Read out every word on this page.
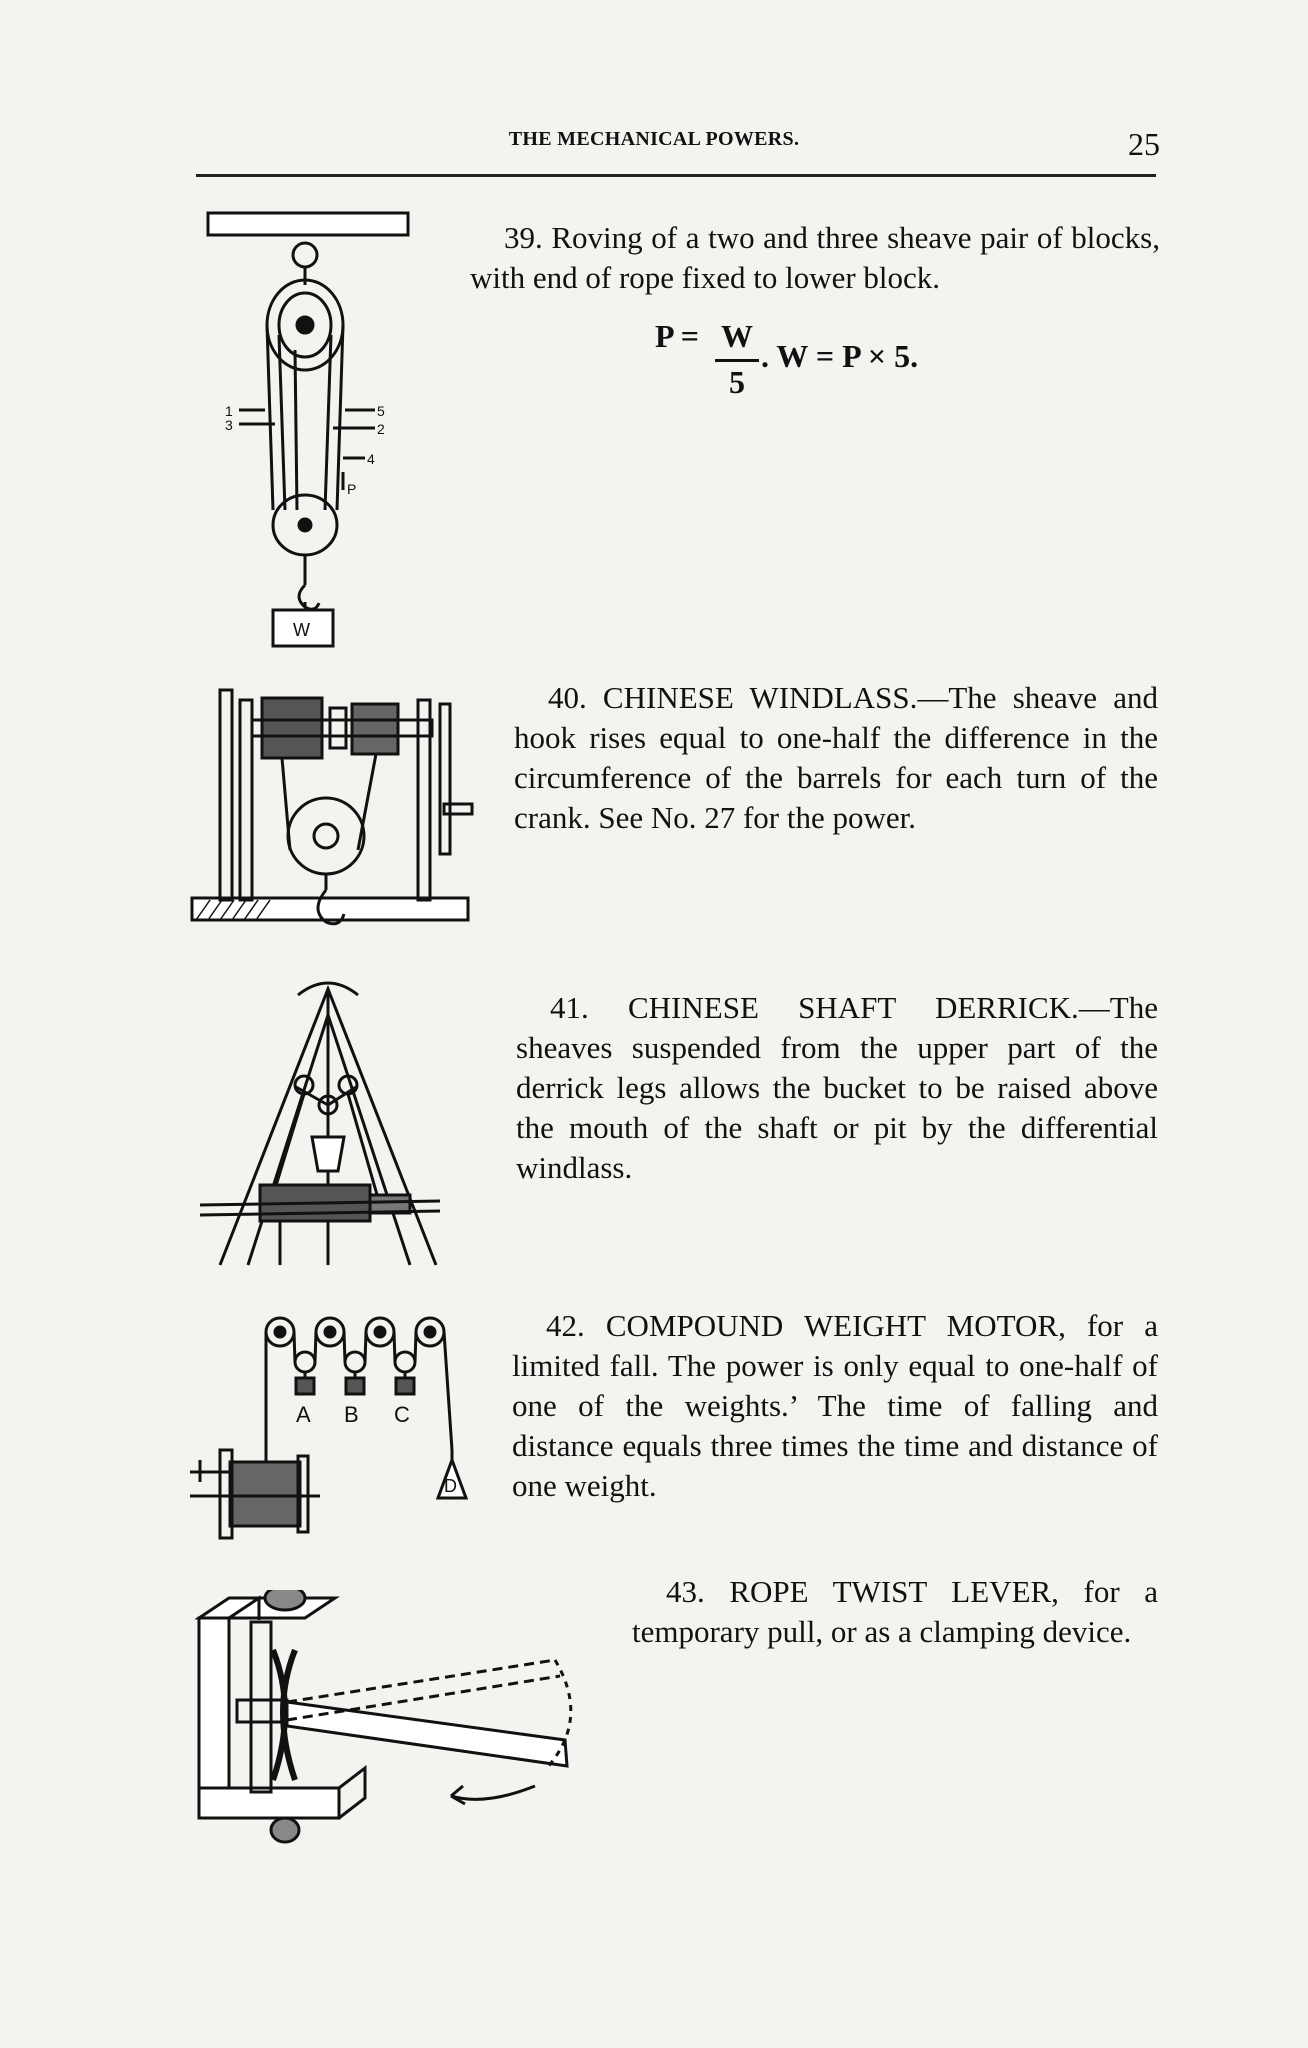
THE MECHANICAL POWERS.	25
39. Roving of a two and three sheave pair of blocks, with end of rope fixed to lower block.
$P = \frac{W}{5}$ . W = P × 5.
1
3
5
2
4
P
W
40. CHINESE WINDLASS.—The sheave and hook rises equal to one-half the difference in the circumference of the barrels for each turn of the crank. See No. 27 for the power.
41. CHINESE SHAFT DERRICK.—The sheaves suspended from the upper part of the derrick legs allows the bucket to be raised above the mouth of the shaft or pit by the differential windlass.
42. COMPOUND WEIGHT MOTOR, for a limited fall. The power is only equal to one-half of one of the weights.’ The time of falling and distance equals three times the time and distance of one weight.
A B C
D
43. ROPE TWIST LEVER, for a temporary pull, or as a clamping device.
